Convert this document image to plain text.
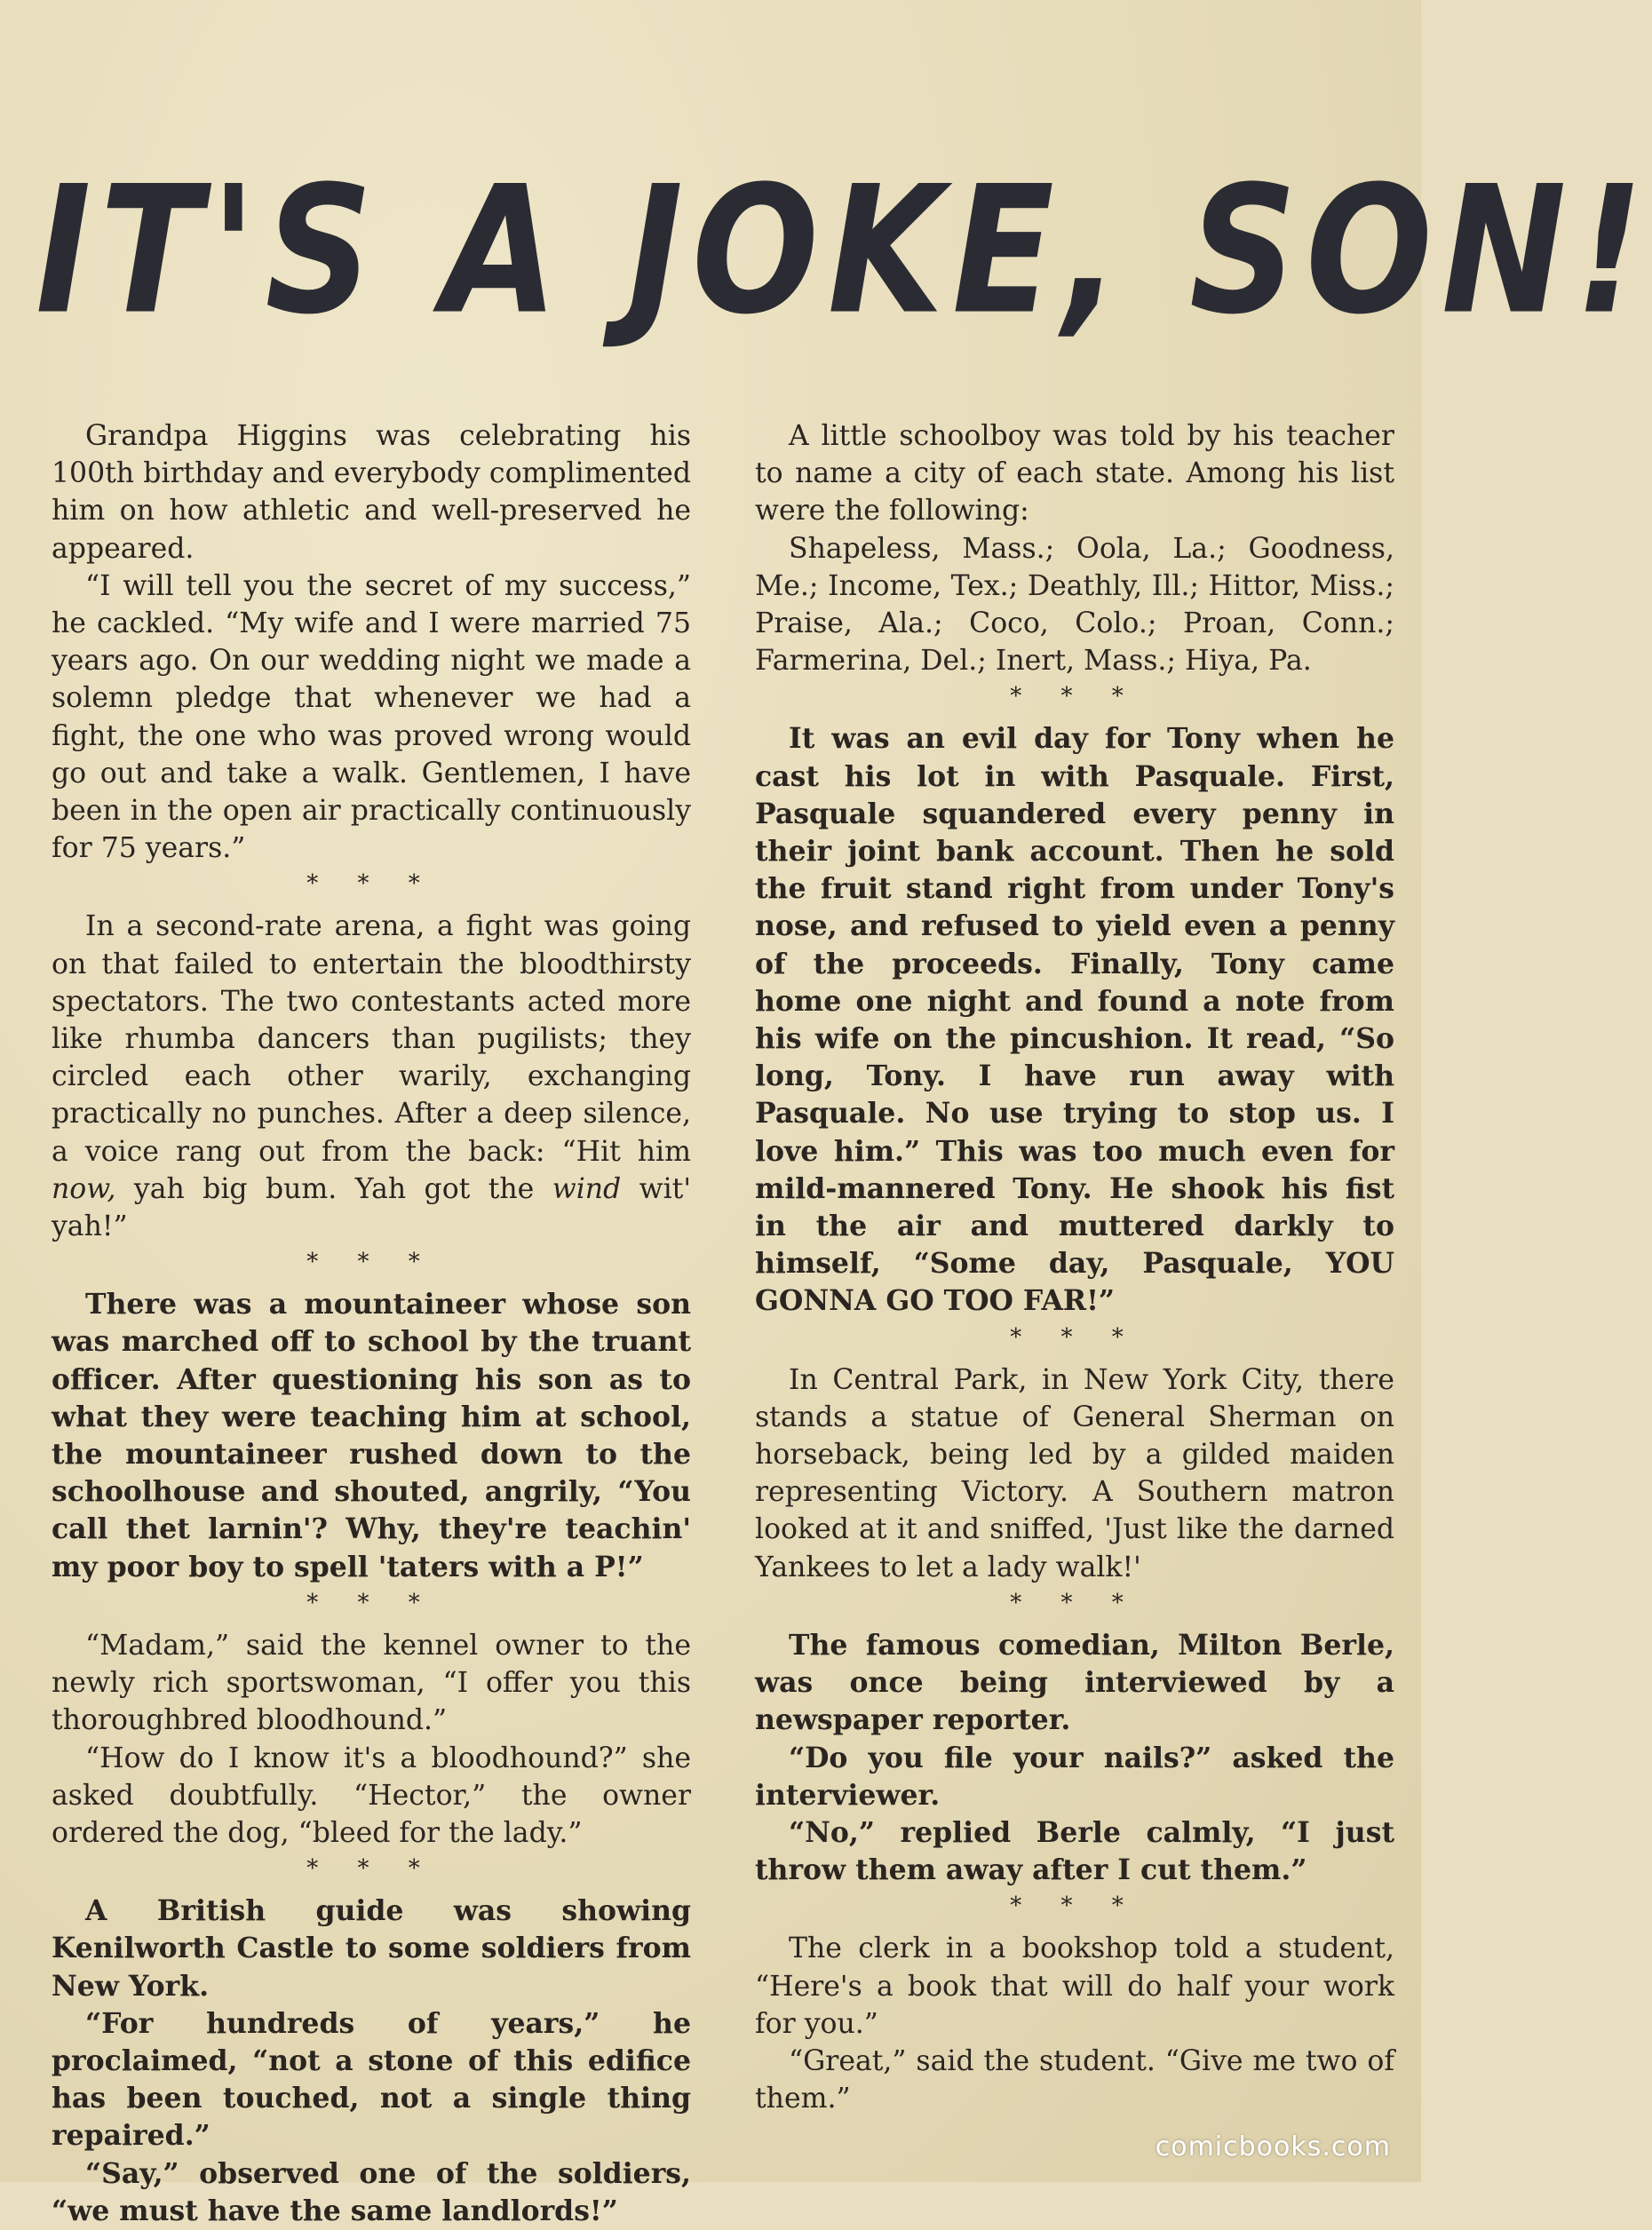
IT'S A JOKE, SON!

Grandpa Higgins was celebrating his 100th birthday and everybody complimented him on how athletic and well-preserved he appeared.

“I will tell you the secret of my success,” he cackled. “My wife and I were married 75 years ago. On our wedding night we made a solemn pledge that whenever we had a fight, the one who was proved wrong would go out and take a walk. Gentlemen, I have been in the open air practically continuously for 75 years.”

* * *

In a second-rate arena, a fight was going on that failed to entertain the bloodthirsty spectators. The two contestants acted more like rhumba dancers than pugilists; they circled each other warily, exchanging practically no punches. After a deep silence, a voice rang out from the back: “Hit him now, yah big bum. Yah got the wind wit' yah!”

* * *

There was a mountaineer whose son was marched off to school by the truant officer. After questioning his son as to what they were teaching him at school, the mountaineer rushed down to the schoolhouse and shouted, angrily, “You call thet larnin'? Why, they're teachin' my poor boy to spell 'taters with a P!”

* * *

“Madam,” said the kennel owner to the newly rich sportswoman, “I offer you this thoroughbred bloodhound.”

“How do I know it's a bloodhound?” she asked doubtfully. “Hector,” the owner ordered the dog, “bleed for the lady.”

* * *

A British guide was showing Kenilworth Castle to some soldiers from New York.

“For hundreds of years,” he proclaimed, “not a stone of this edifice has been touched, not a single thing repaired.”

“Say,” observed one of the soldiers, “we must have the same landlords!”

A little schoolboy was told by his teacher to name a city of each state. Among his list were the following:

Shapeless, Mass.; Oola, La.; Goodness, Me.; Income, Tex.; Deathly, Ill.; Hittor, Miss.; Praise, Ala.; Coco, Colo.; Proan, Conn.; Farmerina, Del.; Inert, Mass.; Hiya, Pa.

* * *

It was an evil day for Tony when he cast his lot in with Pasquale. First, Pasquale squandered every penny in their joint bank account. Then he sold the fruit stand right from under Tony's nose, and refused to yield even a penny of the proceeds. Finally, Tony came home one night and found a note from his wife on the pincushion. It read, “So long, Tony. I have run away with Pasquale. No use trying to stop us. I love him.” This was too much even for mild-mannered Tony. He shook his fist in the air and muttered darkly to himself, “Some day, Pasquale, YOU GONNA GO TOO FAR!”

* * *

In Central Park, in New York City, there stands a statue of General Sherman on horseback, being led by a gilded maiden representing Victory. A Southern matron looked at it and sniffed, 'Just like the darned Yankees to let a lady walk!'

* * *

The famous comedian, Milton Berle, was once being interviewed by a newspaper reporter.

“Do you file your nails?” asked the interviewer.

“No,” replied Berle calmly, “I just throw them away after I cut them.”

* * *

The clerk in a bookshop told a student, “Here's a book that will do half your work for you.”

“Great,” said the student. “Give me two of them.”

comicbooks.com
